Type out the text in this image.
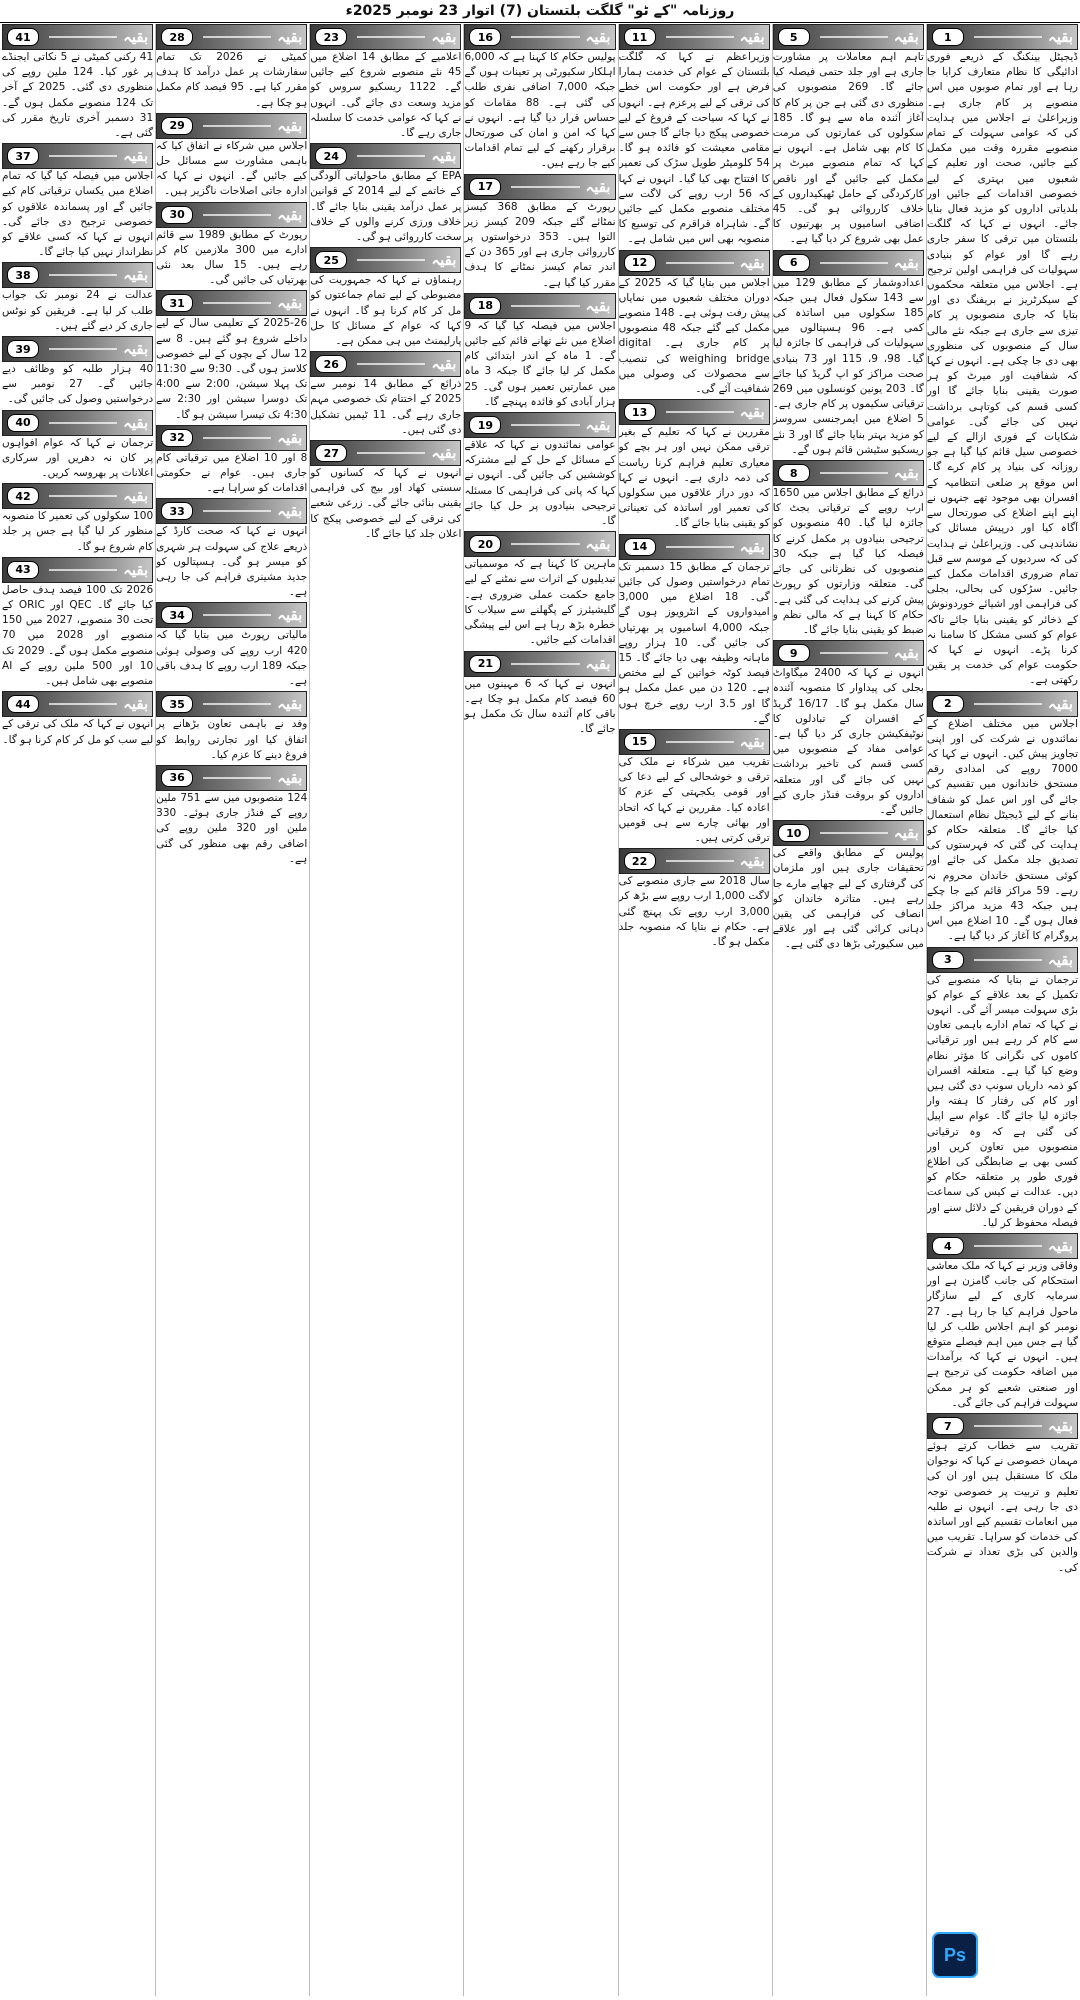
روزنامہ "کے ٹو" گلگت بلتستان (7) اتوار 23 نومبر 2025ء
بقیہ
1
ڈیجیٹل بینکنگ کے ذریعے فوری ادائیگی کا نظام متعارف کرایا جا رہا ہے اور تمام صوبوں میں اس منصوبے پر کام جاری ہے۔ وزیراعلیٰ نے اجلاس میں ہدایت کی کہ عوامی سہولت کے تمام منصوبے مقررہ وقت میں مکمل کیے جائیں، صحت اور تعلیم کے شعبوں میں بہتری کے لیے خصوصی اقدامات کیے جائیں اور بلدیاتی اداروں کو مزید فعال بنایا جائے۔ انہوں نے کہا کہ گلگت بلتستان میں ترقی کا سفر جاری رہے گا اور عوام کو بنیادی سہولیات کی فراہمی اولین ترجیح ہے۔ اجلاس میں متعلقہ محکموں کے سیکرٹریز نے بریفنگ دی اور بتایا کہ جاری منصوبوں پر کام تیزی سے جاری ہے جبکہ نئے مالی سال کے منصوبوں کی منظوری بھی دی جا چکی ہے۔ انہوں نے کہا کہ شفافیت اور میرٹ کو ہر صورت یقینی بنایا جائے گا اور کسی قسم کی کوتاہی برداشت نہیں کی جائے گی۔ عوامی شکایات کے فوری ازالے کے لیے خصوصی سیل قائم کیا گیا ہے جو روزانہ کی بنیاد پر کام کرے گا۔ اس موقع پر ضلعی انتظامیہ کے افسران بھی موجود تھے جنہوں نے اپنے اپنے اضلاع کی صورتحال سے آگاہ کیا اور درپیش مسائل کی نشاندہی کی۔ وزیراعلیٰ نے ہدایت کی کہ سردیوں کے موسم سے قبل تمام ضروری اقدامات مکمل کیے جائیں۔ سڑکوں کی بحالی، بجلی کی فراہمی اور اشیائے خوردونوش کے ذخائر کو یقینی بنایا جائے تاکہ عوام کو کسی مشکل کا سامنا نہ کرنا پڑے۔ انہوں نے کہا کہ حکومت عوام کی خدمت پر یقین رکھتی ہے۔
بقیہ
2
اجلاس میں مختلف اضلاع کے نمائندوں نے شرکت کی اور اپنی تجاویز پیش کیں۔ انہوں نے کہا کہ 7000 روپے کی امدادی رقم مستحق خاندانوں میں تقسیم کی جائے گی اور اس عمل کو شفاف بنانے کے لیے ڈیجیٹل نظام استعمال کیا جائے گا۔ متعلقہ حکام کو ہدایت کی گئی کہ فہرستوں کی تصدیق جلد مکمل کی جائے اور کوئی مستحق خاندان محروم نہ رہے۔ 59 مراکز قائم کیے جا چکے ہیں جبکہ 43 مزید مراکز جلد فعال ہوں گے۔ 10 اضلاع میں اس پروگرام کا آغاز کر دیا گیا ہے۔
بقیہ
3
ترجمان نے بتایا کہ منصوبے کی تکمیل کے بعد علاقے کے عوام کو بڑی سہولت میسر آئے گی۔ انہوں نے کہا کہ تمام ادارے باہمی تعاون سے کام کر رہے ہیں اور ترقیاتی کاموں کی نگرانی کا مؤثر نظام وضع کیا گیا ہے۔ متعلقہ افسران کو ذمہ داریاں سونپ دی گئی ہیں اور کام کی رفتار کا ہفتہ وار جائزہ لیا جائے گا۔ عوام سے اپیل کی گئی ہے کہ وہ ترقیاتی منصوبوں میں تعاون کریں اور کسی بھی بے ضابطگی کی اطلاع فوری طور پر متعلقہ حکام کو دیں۔ عدالت نے کیس کی سماعت کے دوران فریقین کے دلائل سنے اور فیصلہ محفوظ کر لیا۔
بقیہ
4
وفاقی وزیر نے کہا کہ ملک معاشی استحکام کی جانب گامزن ہے اور سرمایہ کاری کے لیے سازگار ماحول فراہم کیا جا رہا ہے۔ 27 نومبر کو اہم اجلاس طلب کر لیا گیا ہے جس میں اہم فیصلے متوقع ہیں۔ انہوں نے کہا کہ برآمدات میں اضافہ حکومت کی ترجیح ہے اور صنعتی شعبے کو ہر ممکن سہولت فراہم کی جائے گی۔
بقیہ
7
تقریب سے خطاب کرتے ہوئے مہمان خصوصی نے کہا کہ نوجوان ملک کا مستقبل ہیں اور ان کی تعلیم و تربیت پر خصوصی توجہ دی جا رہی ہے۔ انہوں نے طلبہ میں انعامات تقسیم کیے اور اساتذہ کی خدمات کو سراہا۔ تقریب میں والدین کی بڑی تعداد نے شرکت کی۔
بقیہ
5
تاہم اہم معاملات پر مشاورت جاری ہے اور جلد حتمی فیصلہ کیا جائے گا۔ 269 منصوبوں کی منظوری دی گئی ہے جن پر کام کا آغاز آئندہ ماہ سے ہو گا۔ 185 سکولوں کی عمارتوں کی مرمت کا کام بھی شامل ہے۔ انہوں نے کہا کہ تمام منصوبے میرٹ پر مکمل کیے جائیں گے اور ناقص کارکردگی کے حامل ٹھیکیداروں کے خلاف کارروائی ہو گی۔ 45 اضافی اسامیوں پر بھرتیوں کا عمل بھی شروع کر دیا گیا ہے۔
بقیہ
6
اعدادوشمار کے مطابق 129 میں سے 143 سکول فعال ہیں جبکہ 185 سکولوں میں اساتذہ کی کمی ہے۔ 96 ہسپتالوں میں سہولیات کی فراہمی کا جائزہ لیا گیا۔ 98، 9، 115 اور 73 بنیادی صحت مراکز کو اپ گریڈ کیا جائے گا۔ 203 یونین کونسلوں میں 269 ترقیاتی سکیموں پر کام جاری ہے۔ 5 اضلاع میں ایمرجنسی سروسز کو مزید بہتر بنایا جائے گا اور 3 نئے ریسکیو سٹیشن قائم ہوں گے۔
بقیہ
8
ذرائع کے مطابق اجلاس میں 1650 ارب روپے کے ترقیاتی بجٹ کا جائزہ لیا گیا۔ 40 منصوبوں کو ترجیحی بنیادوں پر مکمل کرنے کا فیصلہ کیا گیا ہے جبکہ 30 منصوبوں کی نظرثانی کی جائے گی۔ متعلقہ وزارتوں کو رپورٹ پیش کرنے کی ہدایت کی گئی ہے۔ حکام کا کہنا ہے کہ مالی نظم و ضبط کو یقینی بنایا جائے گا۔
بقیہ
9
انہوں نے کہا کہ 2400 میگاواٹ بجلی کی پیداوار کا منصوبہ آئندہ سال مکمل ہو گا۔ 16/17 گریڈ کے افسران کے تبادلوں کا نوٹیفکیشن جاری کر دیا گیا ہے۔ عوامی مفاد کے منصوبوں میں کسی قسم کی تاخیر برداشت نہیں کی جائے گی اور متعلقہ اداروں کو بروقت فنڈز جاری کیے جائیں گے۔
بقیہ
10
پولیس کے مطابق واقعے کی تحقیقات جاری ہیں اور ملزمان کی گرفتاری کے لیے چھاپے مارے جا رہے ہیں۔ متاثرہ خاندان کو انصاف کی فراہمی کی یقین دہانی کرائی گئی ہے اور علاقے میں سکیورٹی بڑھا دی گئی ہے۔
بقیہ
11
وزیراعظم نے کہا کہ گلگت بلتستان کے عوام کی خدمت ہمارا فرض ہے اور حکومت اس خطے کی ترقی کے لیے پرعزم ہے۔ انہوں نے کہا کہ سیاحت کے فروغ کے لیے خصوصی پیکج دیا جائے گا جس سے مقامی معیشت کو فائدہ ہو گا۔ 54 کلومیٹر طویل سڑک کی تعمیر کا افتتاح بھی کیا گیا۔ انہوں نے کہا کہ 56 ارب روپے کی لاگت سے مختلف منصوبے مکمل کیے جائیں گے۔ شاہراہ قراقرم کی توسیع کا منصوبہ بھی اس میں شامل ہے۔
بقیہ
12
اجلاس میں بتایا گیا کہ 2025 کے دوران مختلف شعبوں میں نمایاں پیش رفت ہوئی ہے۔ 148 منصوبے مکمل کیے گئے جبکہ 48 منصوبوں پر کام جاری ہے۔ digital weighing bridge کی تنصیب سے محصولات کی وصولی میں شفافیت آئے گی۔
بقیہ
13
مقررین نے کہا کہ تعلیم کے بغیر ترقی ممکن نہیں اور ہر بچے کو معیاری تعلیم فراہم کرنا ریاست کی ذمہ داری ہے۔ انہوں نے کہا کہ دور دراز علاقوں میں سکولوں کی تعمیر اور اساتذہ کی تعیناتی کو یقینی بنایا جائے گا۔
بقیہ
14
ترجمان کے مطابق 15 دسمبر تک تمام درخواستیں وصول کی جائیں گی۔ 18 اضلاع میں 3,000 امیدواروں کے انٹرویوز ہوں گے جبکہ 4,000 اسامیوں پر بھرتیاں کی جائیں گی۔ 10 ہزار روپے ماہانہ وظیفہ بھی دیا جائے گا۔ 15 فیصد کوٹہ خواتین کے لیے مختص ہے۔ 120 دن میں عمل مکمل ہو گا اور 3.5 ارب روپے خرچ ہوں گے۔
بقیہ
15
تقریب میں شرکاء نے ملک کی ترقی و خوشحالی کے لیے دعا کی اور قومی یکجہتی کے عزم کا اعادہ کیا۔ مقررین نے کہا کہ اتحاد اور بھائی چارے سے ہی قومیں ترقی کرتی ہیں۔
بقیہ
22
سال 2018 سے جاری منصوبے کی لاگت 1,000 ارب روپے سے بڑھ کر 3,000 ارب روپے تک پہنچ گئی ہے۔ حکام نے بتایا کہ منصوبہ جلد مکمل ہو گا۔
بقیہ
16
پولیس حکام کا کہنا ہے کہ 6,000 اہلکار سکیورٹی پر تعینات ہوں گے جبکہ 7,000 اضافی نفری طلب کی گئی ہے۔ 88 مقامات کو حساس قرار دیا گیا ہے۔ انہوں نے کہا کہ امن و امان کی صورتحال برقرار رکھنے کے لیے تمام اقدامات کیے جا رہے ہیں۔
بقیہ
17
رپورٹ کے مطابق 368 کیسز نمٹائے گئے جبکہ 209 کیسز زیر التوا ہیں۔ 353 درخواستوں پر کارروائی جاری ہے اور 365 دن کے اندر تمام کیسز نمٹانے کا ہدف مقرر کیا گیا ہے۔
بقیہ
18
اجلاس میں فیصلہ کیا گیا کہ 9 اضلاع میں نئے تھانے قائم کیے جائیں گے۔ 1 ماہ کے اندر ابتدائی کام مکمل کر لیا جائے گا جبکہ 3 ماہ میں عمارتیں تعمیر ہوں گی۔ 25 ہزار آبادی کو فائدہ پہنچے گا۔
بقیہ
19
عوامی نمائندوں نے کہا کہ علاقے کے مسائل کے حل کے لیے مشترکہ کوششیں کی جائیں گی۔ انہوں نے کہا کہ پانی کی فراہمی کا مسئلہ ترجیحی بنیادوں پر حل کیا جائے گا۔
بقیہ
20
ماہرین کا کہنا ہے کہ موسمیاتی تبدیلیوں کے اثرات سے نمٹنے کے لیے جامع حکمت عملی ضروری ہے۔ گلیشیئرز کے پگھلنے سے سیلاب کا خطرہ بڑھ رہا ہے اس لیے پیشگی اقدامات کیے جائیں۔
بقیہ
21
انہوں نے کہا کہ 6 مہینوں میں 60 فیصد کام مکمل ہو چکا ہے۔ باقی کام آئندہ سال تک مکمل ہو جائے گا۔
بقیہ
23
اعلامیے کے مطابق 14 اضلاع میں 45 نئے منصوبے شروع کیے جائیں گے۔ 1122 ریسکیو سروس کو مزید وسعت دی جائے گی۔ انہوں نے کہا کہ عوامی خدمت کا سلسلہ جاری رہے گا۔
بقیہ
24
EPA کے مطابق ماحولیاتی آلودگی کے خاتمے کے لیے 2014 کے قوانین پر عمل درآمد یقینی بنایا جائے گا۔ خلاف ورزی کرنے والوں کے خلاف سخت کارروائی ہو گی۔
بقیہ
25
رہنماؤں نے کہا کہ جمہوریت کی مضبوطی کے لیے تمام جماعتوں کو مل کر کام کرنا ہو گا۔ انہوں نے کہا کہ عوام کے مسائل کا حل پارلیمنٹ میں ہی ممکن ہے۔
بقیہ
26
ذرائع کے مطابق 14 نومبر سے 2025 کے اختتام تک خصوصی مہم جاری رہے گی۔ 11 ٹیمیں تشکیل دی گئی ہیں۔
بقیہ
27
انہوں نے کہا کہ کسانوں کو سستی کھاد اور بیج کی فراہمی یقینی بنائی جائے گی۔ زرعی شعبے کی ترقی کے لیے خصوصی پیکج کا اعلان جلد کیا جائے گا۔
بقیہ
28
کمیٹی نے 2026 تک تمام سفارشات پر عمل درآمد کا ہدف مقرر کیا ہے۔ 95 فیصد کام مکمل ہو چکا ہے۔
بقیہ
29
اجلاس میں شرکاء نے اتفاق کیا کہ باہمی مشاورت سے مسائل حل کیے جائیں گے۔ انہوں نے کہا کہ ادارہ جاتی اصلاحات ناگزیر ہیں۔
بقیہ
30
رپورٹ کے مطابق 1989 سے قائم ادارے میں 300 ملازمین کام کر رہے ہیں۔ 15 سال بعد نئی بھرتیاں کی جائیں گی۔
بقیہ
31
2025-26 کے تعلیمی سال کے لیے داخلے شروع ہو گئے ہیں۔ 8 سے 12 سال کے بچوں کے لیے خصوصی کلاسز ہوں گی۔ 9:30 سے 11:30 تک پہلا سیشن، 2:00 سے 4:00 تک دوسرا سیشن اور 2:30 سے 4:30 تک تیسرا سیشن ہو گا۔
بقیہ
32
8 اور 10 اضلاع میں ترقیاتی کام جاری ہیں۔ عوام نے حکومتی اقدامات کو سراہا ہے۔
بقیہ
33
انہوں نے کہا کہ صحت کارڈ کے ذریعے علاج کی سہولت ہر شہری کو میسر ہو گی۔ ہسپتالوں کو جدید مشینری فراہم کی جا رہی ہے۔
بقیہ
34
مالیاتی رپورٹ میں بتایا گیا کہ 420 ارب روپے کی وصولی ہوئی جبکہ 189 ارب روپے کا ہدف باقی ہے۔
بقیہ
35
وفد نے باہمی تعاون بڑھانے پر اتفاق کیا اور تجارتی روابط کو فروغ دینے کا عزم کیا۔
بقیہ
36
124 منصوبوں میں سے 751 ملین روپے کے فنڈز جاری ہوئے۔ 330 ملین اور 320 ملین روپے کی اضافی رقم بھی منظور کی گئی ہے۔
بقیہ
41
41 رکنی کمیٹی نے 5 نکاتی ایجنڈے پر غور کیا۔ 124 ملین روپے کی منظوری دی گئی۔ 2025 کے آخر تک 124 منصوبے مکمل ہوں گے۔ 31 دسمبر آخری تاریخ مقرر کی گئی ہے۔
بقیہ
37
اجلاس میں فیصلہ کیا گیا کہ تمام اضلاع میں یکساں ترقیاتی کام کیے جائیں گے اور پسماندہ علاقوں کو خصوصی ترجیح دی جائے گی۔ انہوں نے کہا کہ کسی علاقے کو نظرانداز نہیں کیا جائے گا۔
بقیہ
38
عدالت نے 24 نومبر تک جواب طلب کر لیا ہے۔ فریقین کو نوٹس جاری کر دیے گئے ہیں۔
بقیہ
39
40 ہزار طلبہ کو وظائف دیے جائیں گے۔ 27 نومبر سے درخواستیں وصول کی جائیں گی۔
بقیہ
40
ترجمان نے کہا کہ عوام افواہوں پر کان نہ دھریں اور سرکاری اعلانات پر بھروسہ کریں۔
بقیہ
42
100 سکولوں کی تعمیر کا منصوبہ منظور کر لیا گیا ہے جس پر جلد کام شروع ہو گا۔
بقیہ
43
2026 تک 100 فیصد ہدف حاصل کیا جائے گا۔ QEC اور ORIC کے تحت 30 منصوبے، 2027 میں 150 منصوبے اور 2028 میں 70 منصوبے مکمل ہوں گے۔ 2029 تک 10 اور 500 ملین روپے کے AI منصوبے بھی شامل ہیں۔
بقیہ
44
انہوں نے کہا کہ ملک کی ترقی کے لیے سب کو مل کر کام کرنا ہو گا۔
Ps
